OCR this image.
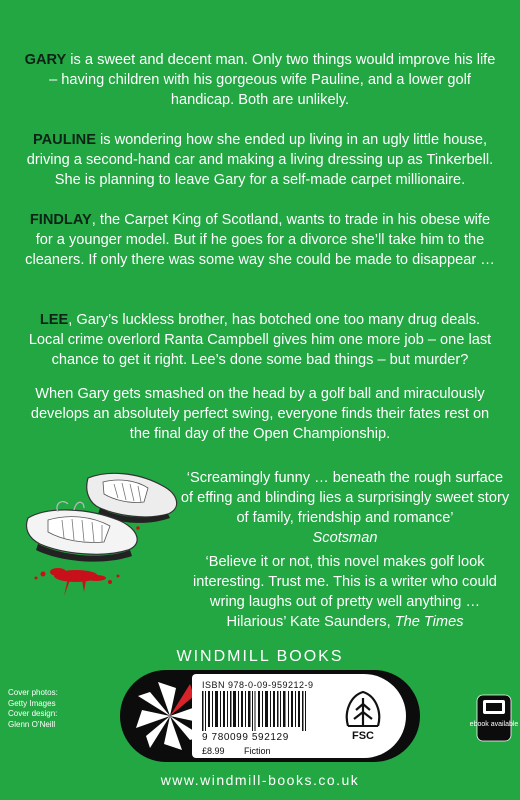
GARY is a sweet and decent man. Only two things would improve his life – having children with his gorgeous wife Pauline, and a lower golf handicap. Both are unlikely.

PAULINE is wondering how she ended up living in an ugly little house, driving a second-hand car and making a living dressing up as Tinkerbell. She is planning to leave Gary for a self-made carpet millionaire.

FINDLAY, the Carpet King of Scotland, wants to trade in his obese wife for a younger model. But if he goes for a divorce she’ll take him to the cleaners. If only there was some way she could be made to disappear …

LEE, Gary’s luckless brother, has botched one too many drug deals. Local crime overlord Ranta Campbell gives him one more job – one last chance to get it right. Lee’s done some bad things – but murder?

When Gary gets smashed on the head by a golf ball and miraculously develops an absolutely perfect swing, everyone finds their fates rest on the final day of the Open Championship.

‘Screamingly funny … beneath the rough surface of effing and blinding lies a surprisingly sweet story of family, friendship and romance’
Scotsman

‘Believe it or not, this novel makes golf look interesting. Trust me. This is a writer who could wring laughs out of pretty well anything … Hilarious’ Kate Saunders, The Times

WINDMILL BOOKS
Cover photos:
Getty Images
Cover design:
Glenn O’Neill
ISBN 978-0-09-959212-9
9 780099 592129
£8.99 Fiction
FSC
ebook available
www.windmill-books.co.uk
